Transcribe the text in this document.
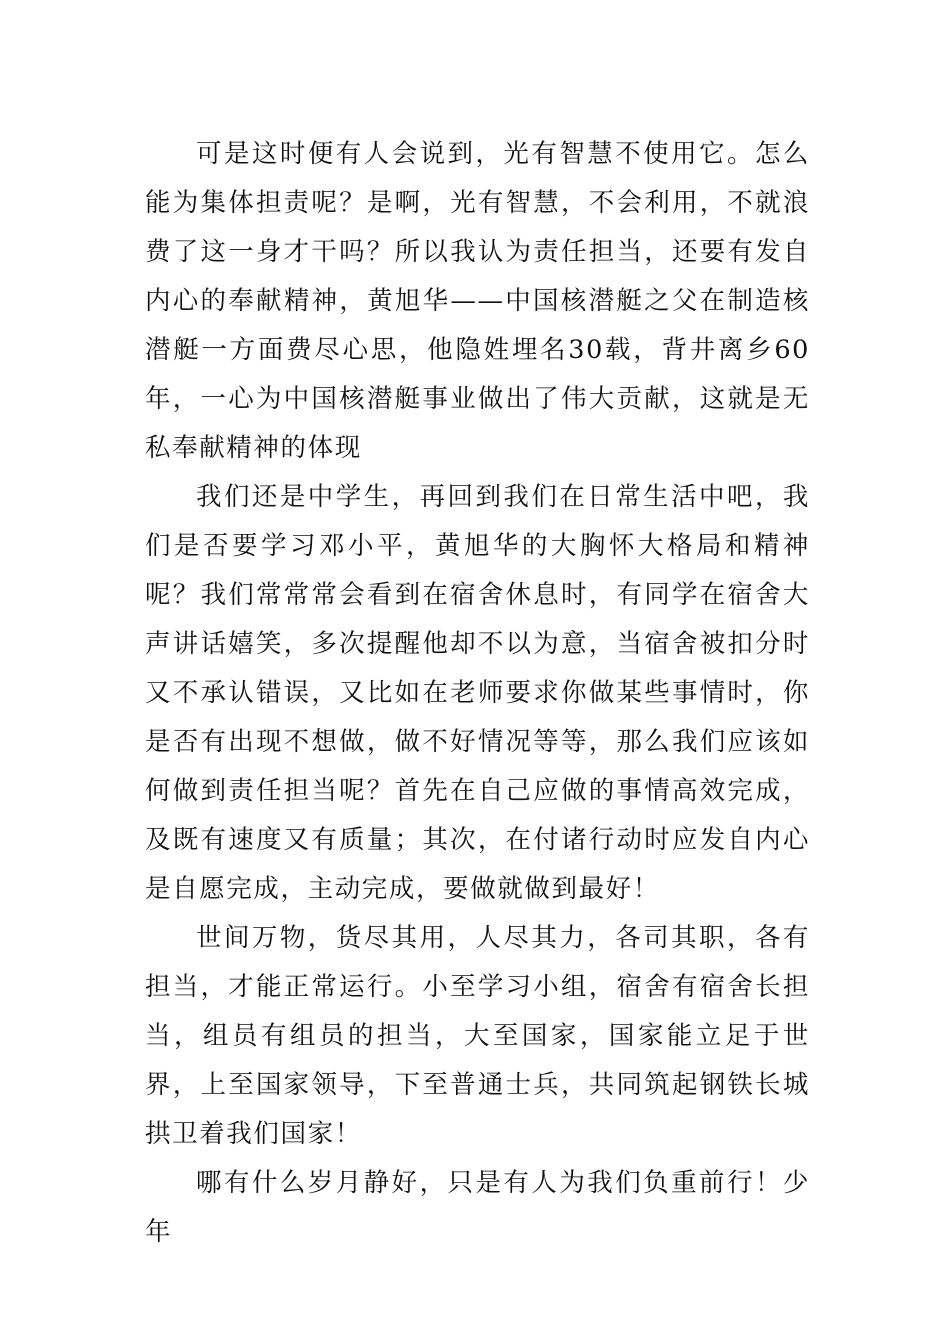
可是这时便有人会说到，光有智慧不使用它。怎么能为集体担责呢？是啊，光有智慧，不会利用，不就浪费了这一身才干吗？所以我认为责任担当，还要有发自内心的奉献精神，黄旭华——中国核潜艇之父在制造核潜艇一方面费尽心思，他隐姓埋名30载，背井离乡60年，一心为中国核潜艇事业做出了伟大贡献，这就是无私奉献精神的体现

我们还是中学生，再回到我们在日常生活中吧，我们是否要学习邓小平，黄旭华的大胸怀大格局和精神呢？我们常常常会看到在宿舍休息时，有同学在宿舍大声讲话嬉笑，多次提醒他却不以为意，当宿舍被扣分时又不承认错误，又比如在老师要求你做某些事情时，你是否有出现不想做，做不好情况等等，那么我们应该如何做到责任担当呢？首先在自己应做的事情高效完成，及既有速度又有质量；其次，在付诸行动时应发自内心是自愿完成，主动完成，要做就做到最好！

世间万物，货尽其用，人尽其力，各司其职，各有担当，才能正常运行。小至学习小组，宿舍有宿舍长担当，组员有组员的担当，大至国家，国家能立足于世界，上至国家领导，下至普通士兵，共同筑起钢铁长城拱卫着我们国家！

哪有什么岁月静好，只是有人为我们负重前行！少年
